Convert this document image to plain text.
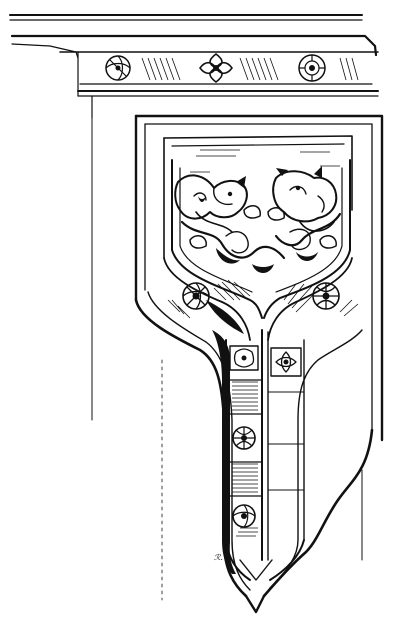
ℛ.
